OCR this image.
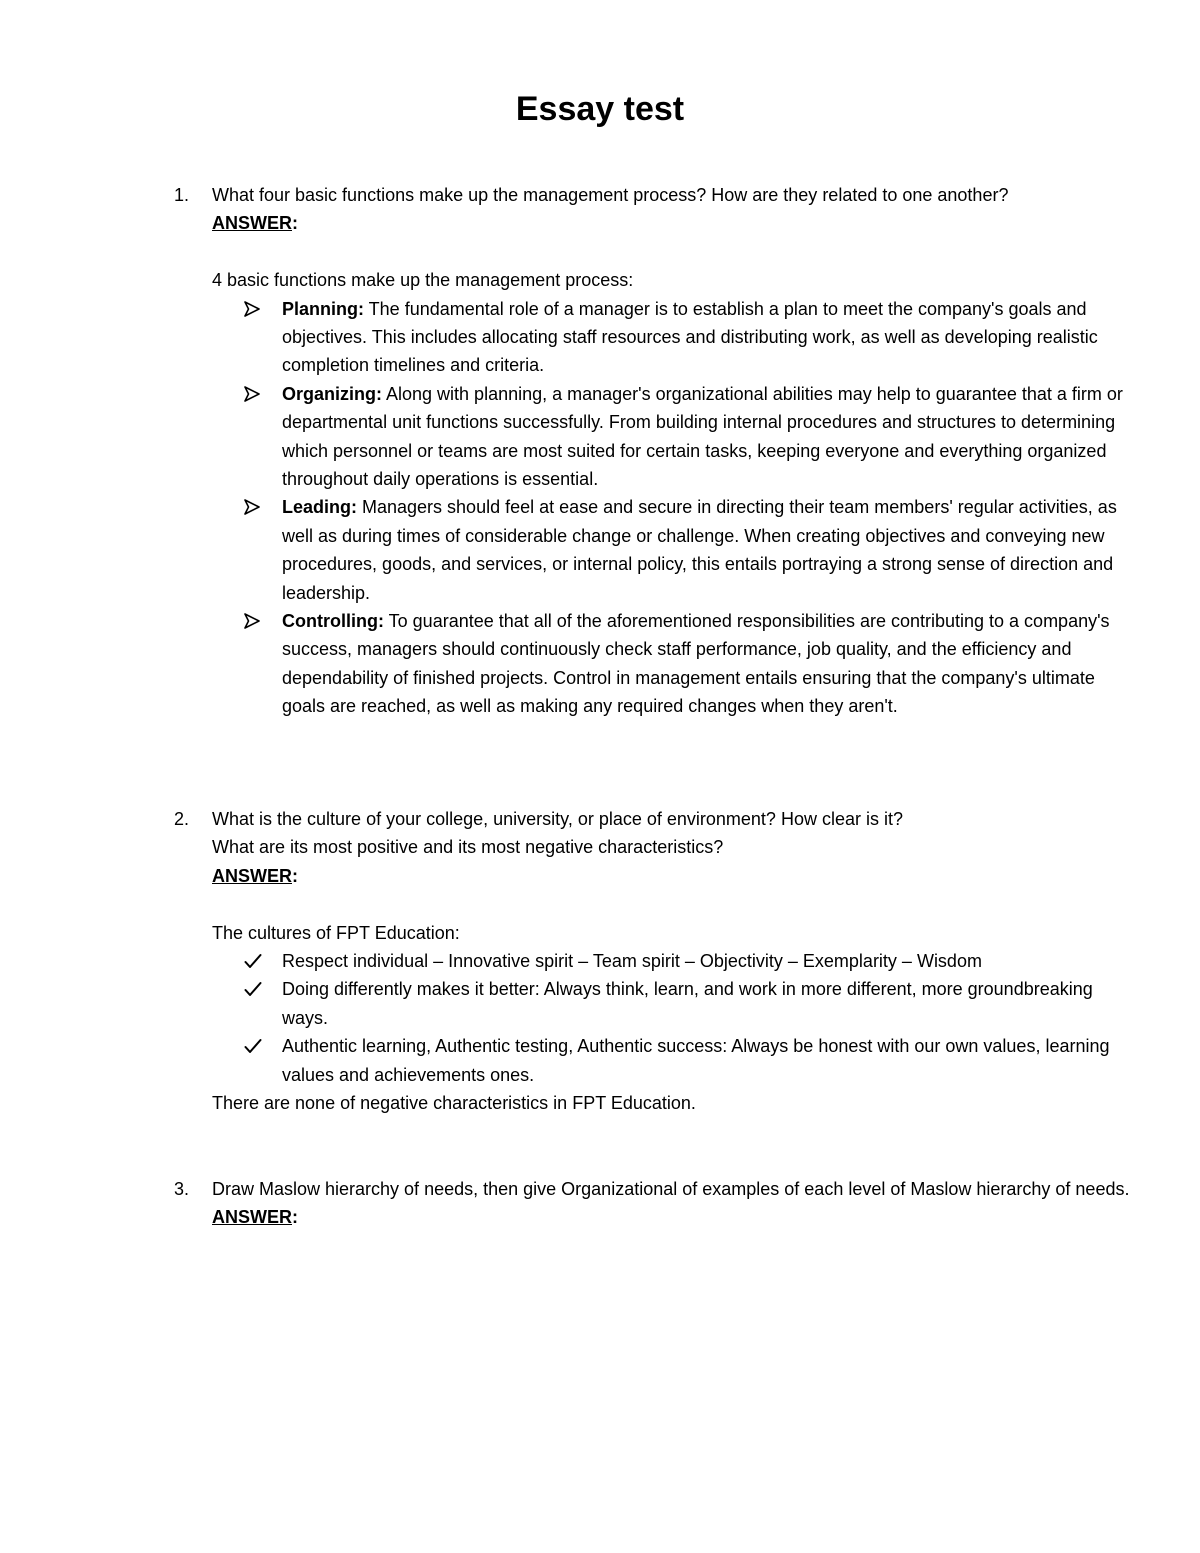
Essay test
1. What four basic functions make up the management process? How are they related to one another?
ANSWER:
4 basic functions make up the management process:
Planning: The fundamental role of a manager is to establish a plan to meet the company's goals and objectives. This includes allocating staff resources and distributing work, as well as developing realistic completion timelines and criteria.
Organizing: Along with planning, a manager's organizational abilities may help to guarantee that a firm or departmental unit functions successfully. From building internal procedures and structures to determining which personnel or teams are most suited for certain tasks, keeping everyone and everything organized throughout daily operations is essential.
Leading: Managers should feel at ease and secure in directing their team members' regular activities, as well as during times of considerable change or challenge. When creating objectives and conveying new procedures, goods, and services, or internal policy, this entails portraying a strong sense of direction and leadership.
Controlling: To guarantee that all of the aforementioned responsibilities are contributing to a company's success, managers should continuously check staff performance, job quality, and the efficiency and dependability of finished projects. Control in management entails ensuring that the company's ultimate goals are reached, as well as making any required changes when they aren't.
2. What is the culture of your college, university, or place of environment? How clear is it?
What are its most positive and its most negative characteristics?
ANSWER:
The cultures of FPT Education:
Respect individual – Innovative spirit – Team spirit – Objectivity – Exemplarity – Wisdom
Doing differently makes it better: Always think, learn, and work in more different, more groundbreaking ways.
Authentic learning, Authentic testing, Authentic success: Always be honest with our own values, learning values and achievements ones.
There are none of negative characteristics in FPT Education.
3. Draw Maslow hierarchy of needs, then give Organizational of examples of each level of Maslow hierarchy of needs.
ANSWER:
